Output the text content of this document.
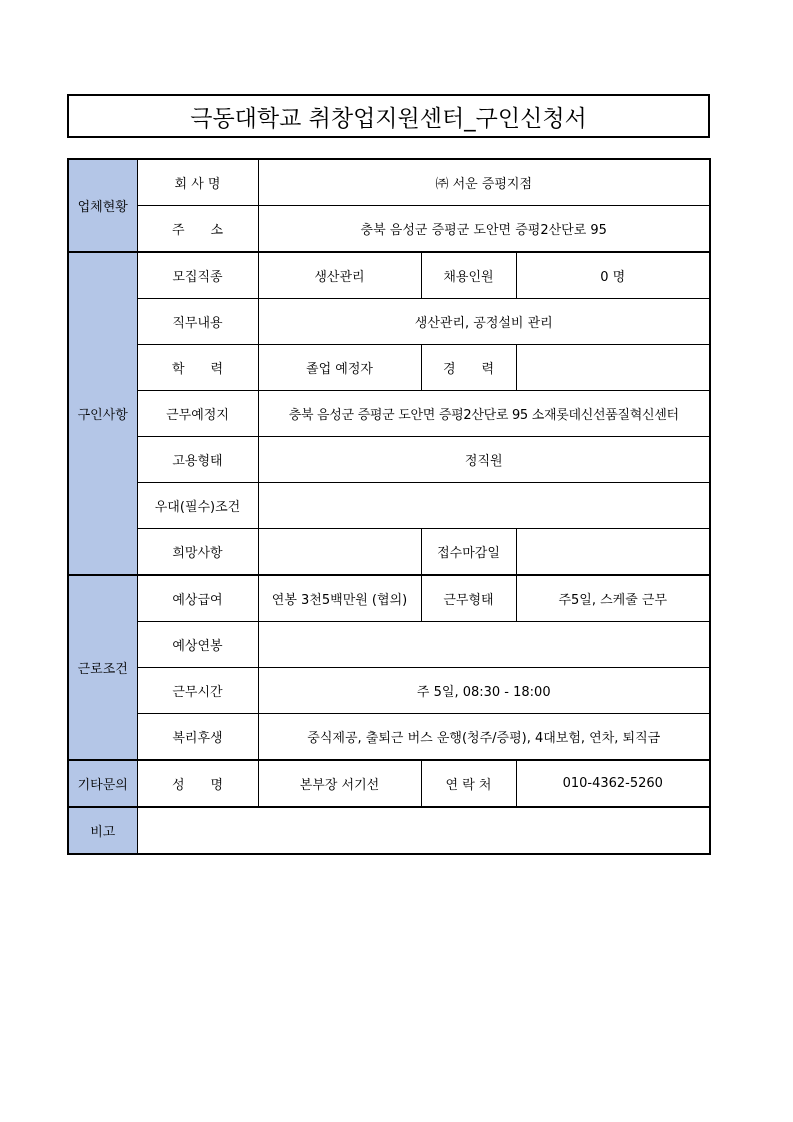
극동대학교 취창업지원센터_구인신청서
업체현황	회 사 명	㈜ 서운 증평지점		
	주　　소	충북 음성군 증평군 도안면 증평2산단로 95		
구인사항	모집직종	생산관리	채용인원	0 명
	직무내용	생산관리, 공정설비 관리		
	학　　력	졸업 예정자	경　　력	
	근무예정지	충북 음성군 증평군 도안면 증평2산단로 95 소재롯데신선품질혁신센터		
	고용형태	정직원		
	우대(필수)조건			
	희망사항		접수마감일	
근로조건	예상급여	연봉 3천5백만원 (협의)	근무형태	주5일, 스케줄 근무
	예상연봉			
	근무시간	주 5일, 08:30 - 18:00		
	복리후생	중식제공, 출퇴근 버스 운행(청주/증평), 4대보험, 연차, 퇴직금		
기타문의	성　　명	본부장 서기선	연 락 처	010-4362-5260
비고				
